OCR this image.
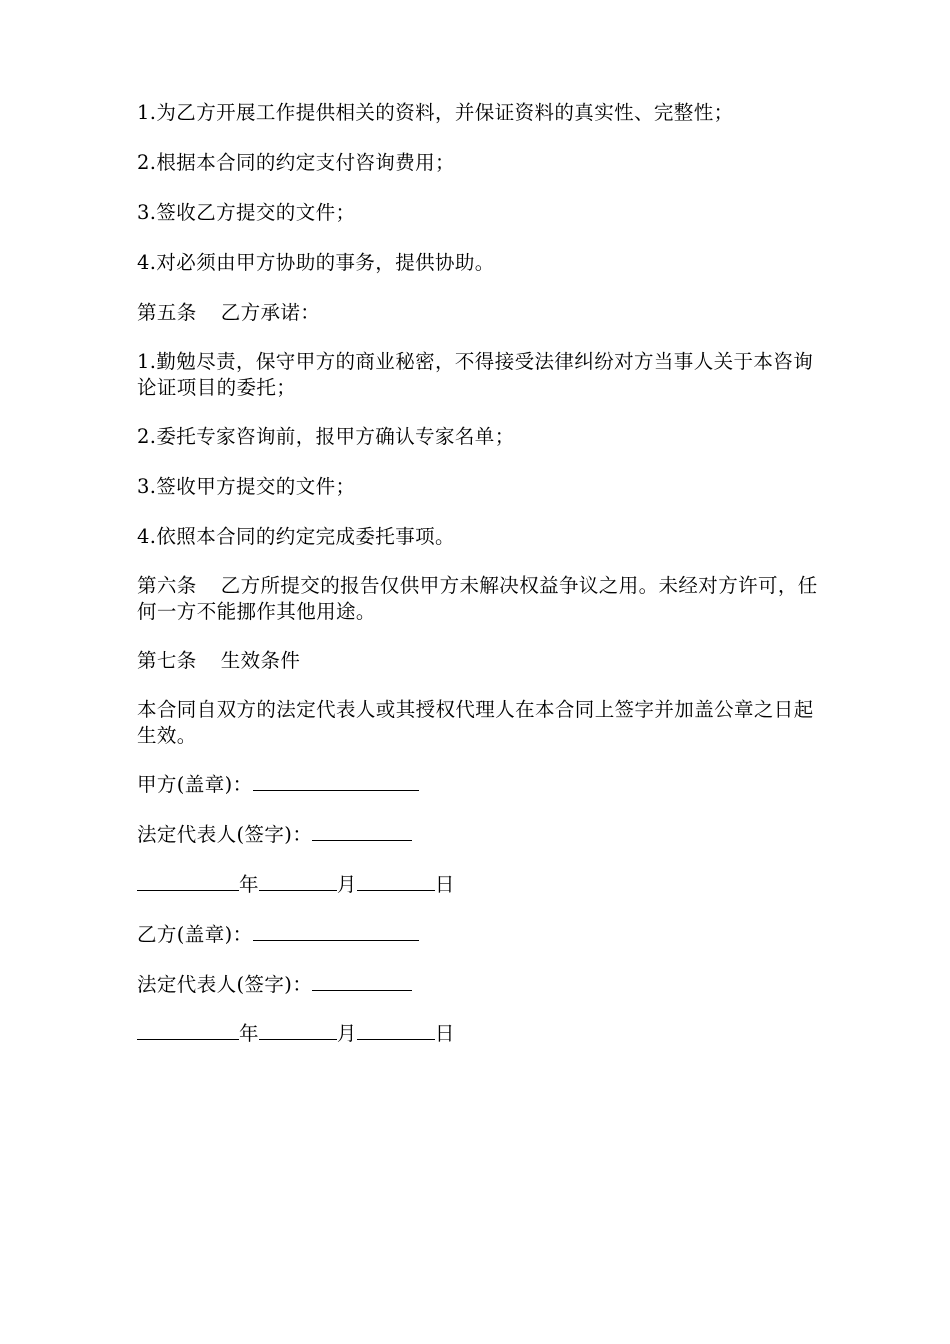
1.为乙方开展工作提供相关的资料，并保证资料的真实性、完整性；
2.根据本合同的约定支付咨询费用；
3.签收乙方提交的文件；
4.对必须由甲方协助的事务，提供协助。
第五条 乙方承诺：
1.勤勉尽责，保守甲方的商业秘密，不得接受法律纠纷对方当事人关于本咨询论证项目的委托；
2.委托专家咨询前，报甲方确认专家名单；
3.签收甲方提交的文件；
4.依照本合同的约定完成委托事项。
第六条 乙方所提交的报告仅供甲方未解决权益争议之用。未经对方许可，任何一方不能挪作其他用途。
第七条 生效条件
本合同自双方的法定代表人或其授权代理人在本合同上签字并加盖公章之日起生效。
甲方(盖章)：
法定代表人(签字)：
年	月	日
乙方(盖章)：
法定代表人(签字)：
年	月	日
